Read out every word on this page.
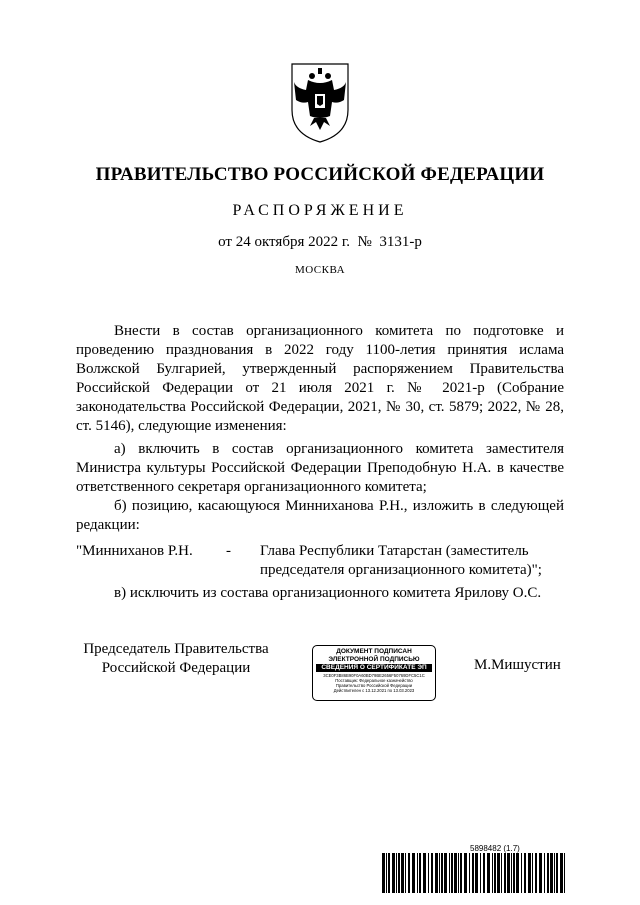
ПРАВИТЕЛЬСТВО РОССИЙСКОЙ ФЕДЕРАЦИИ
РАСПОРЯЖЕНИЕ
от 24 октября 2022 г.  №  3131-р
МОСКВА

Внести в состав организационного комитета по подготовке и проведению празднования в 2022 году 1100-летия принятия ислама Волжской Булгарией, утвержденный распоряжением Правительства Российской Федерации от 21 июля 2021 г. № 2021-р (Собрание законодательства Российской Федерации, 2021, № 30, ст. 5879; 2022, № 28, ст. 5146), следующие изменения:

а) включить в состав организационного комитета заместителя Министра культуры Российской Федерации Преподобную Н.А. в качестве ответственного секретаря организационного комитета;

б) позицию, касающуюся Минниханова Р.Н., изложить в следующей редакции:

"Минниханов Р.Н.	-	Глава Республики Татарстан (заместитель
председателя организационного комитета)";

в) исключить из состава организационного комитета Ярилову О.С.

Председатель Правительства
Российской Федерации
ДОКУМЕНТ ПОДПИСАН
ЭЛЕКТРОННОЙ ПОДПИСЬЮ
СВЕДЕНИЯ О СЕРТИФИКАТЕ ЭП
3CE0F3B86B90F0A60BD79BE2656F50769DFC5C1C
Поставщик: Федеральное казначейство
Правительство Российской Федерации
Действителен с 13.12.2021 по 13.03.2023
М.Мишустин
5898482 (1.7)
